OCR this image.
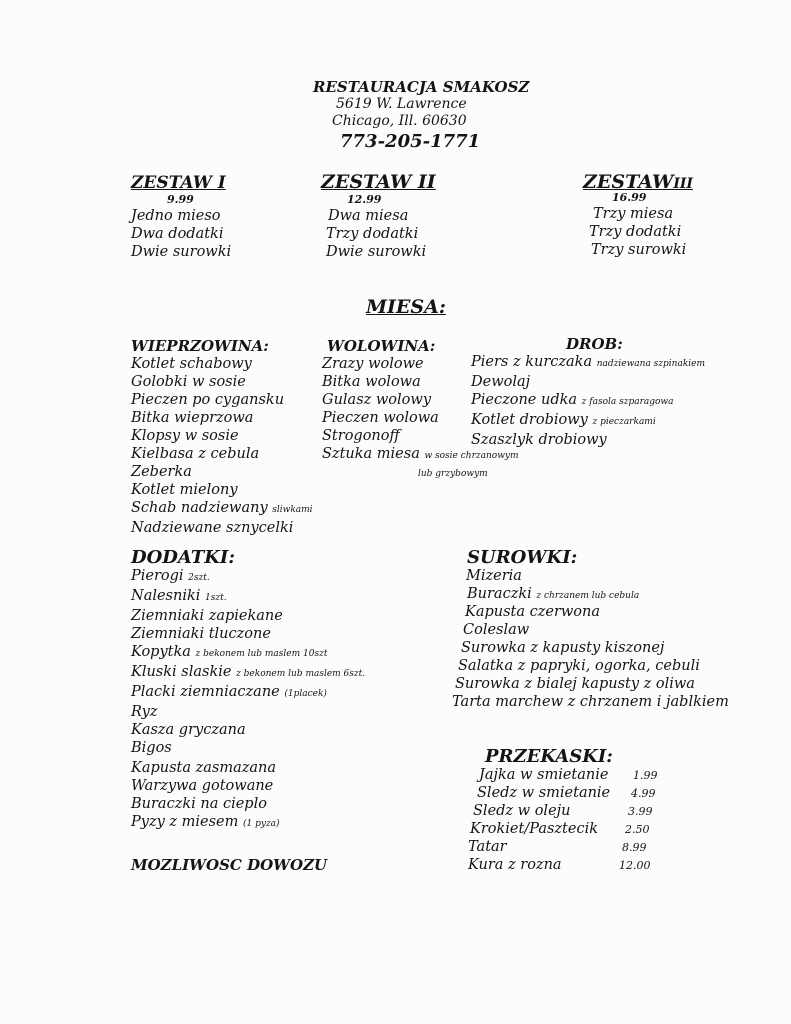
RESTAURACJA SMAKOSZ
5619 W. Lawrence
Chicago, Ill. 60630
773-205-1771
ZESTAW I
9.99
Jedno mieso
Dwa dodatki
Dwie surowki
ZESTAW II
12.99
Dwa miesa
Trzy dodatki
Dwie surowki
ZESTAWIII
16.99
Trzy miesa
Trzy dodatki
Trzy surowki
MIESA:
WIEPRZOWINA:
Kotlet schabowy
Golobki w sosie
Pieczen po cygansku
Bitka wieprzowa
Klopsy w sosie
Kielbasa z cebula
Zeberka
Kotlet mielony
Schab nadziewany sliwkami
Nadziewane sznycelki
WOLOWINA:
Zrazy wolowe
Bitka wolowa
Gulasz wolowy
Pieczen wolowa
Strogonoff
Sztuka miesa w sosie chrzanowym
lub grzybowym
DROB:
Piers z kurczaka nadziewana szpinakiem
Dewolaj
Pieczone udka z fasola szparagowa
Kotlet drobiowy z pieczarkami
Szaszlyk drobiowy
DODATKI:
Pierogi 2szt.
Nalesniki 1szt.
Ziemniaki zapiekane
Ziemniaki tluczone
Kopytka z bekonem lub maslem 10szt
Kluski slaskie z bekonem lub maslem 6szt.
Placki ziemniaczane (1placek)
Ryz
Kasza gryczana
Bigos
Kapusta zasmazana
Warzywa gotowane
Buraczki na cieplo
Pyzy z miesem (1 pyza)
SUROWKI:
Mizeria
Buraczki z chrzanem lub cebula
Kapusta czerwona
Coleslaw
Surowka z kapusty kiszonej
Salatka z papryki, ogorka, cebuli
Surowka z bialej kapusty z oliwa
Tarta marchew z chrzanem i jablkiem
PRZEKASKI:
Jajka w smietanie 1.99
Sledz w smietanie 4.99
Sledz w oleju	3.99
Krokiet/Pasztecik 2.50
Tatar	8.99
Kura z rozna	12.00
MOZLIWOSC DOWOZU
